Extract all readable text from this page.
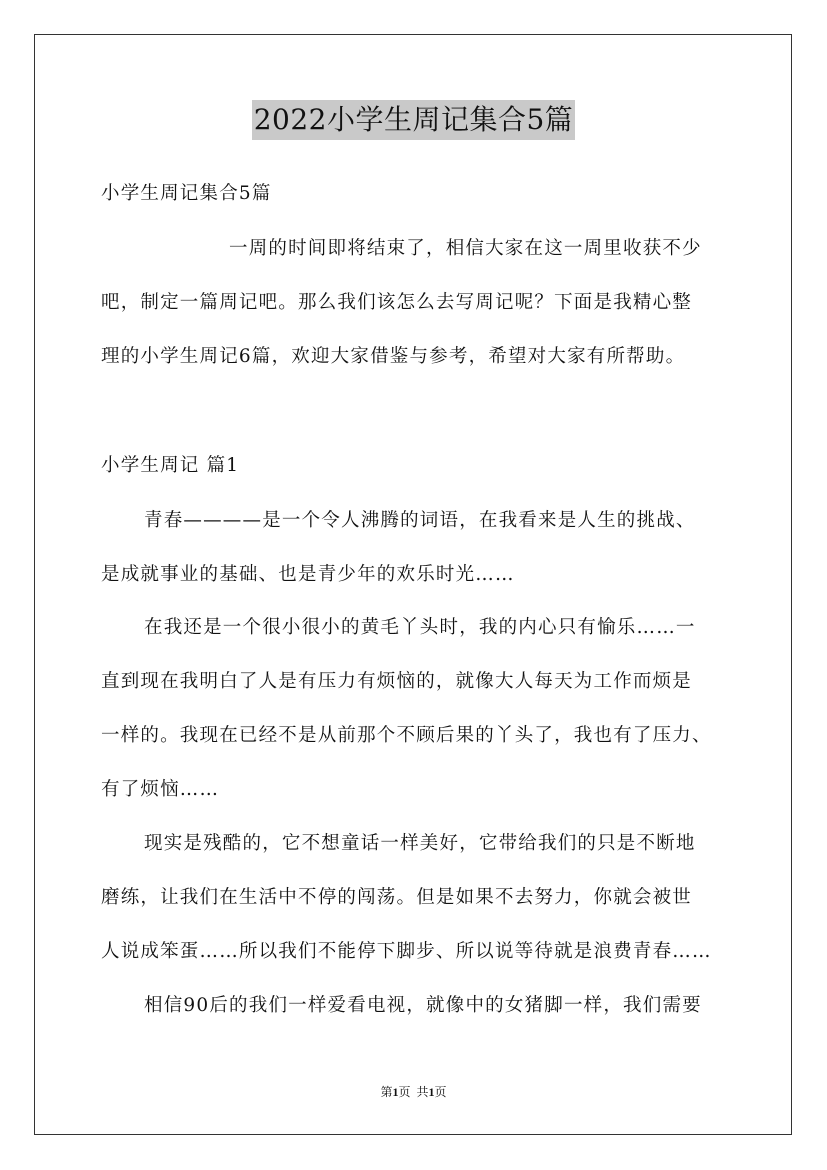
2022小学生周记集合5篇
小学生周记集合5篇
一周的时间即将结束了，相信大家在这一周里收获不少
吧，制定一篇周记吧。那么我们该怎么去写周记呢？下面是我精心整
理的小学生周记6篇，欢迎大家借鉴与参考，希望对大家有所帮助。
小学生周记 篇1
青春————是一个令人沸腾的词语，在我看来是人生的挑战、
是成就事业的基础、也是青少年的欢乐时光……
在我还是一个很小很小的黄毛丫头时，我的内心只有愉乐……一
直到现在我明白了人是有压力有烦恼的，就像大人每天为工作而烦是
一样的。我现在已经不是从前那个不顾后果的丫头了，我也有了压力、
有了烦恼……
现实是残酷的，它不想童话一样美好，它带给我们的只是不断地
磨练，让我们在生活中不停的闯荡。但是如果不去努力，你就会被世
人说成笨蛋……所以我们不能停下脚步、所以说等待就是浪费青春……
相信90后的我们一样爱看电视，就像中的女猪脚一样，我们需要
第1页 共1页
